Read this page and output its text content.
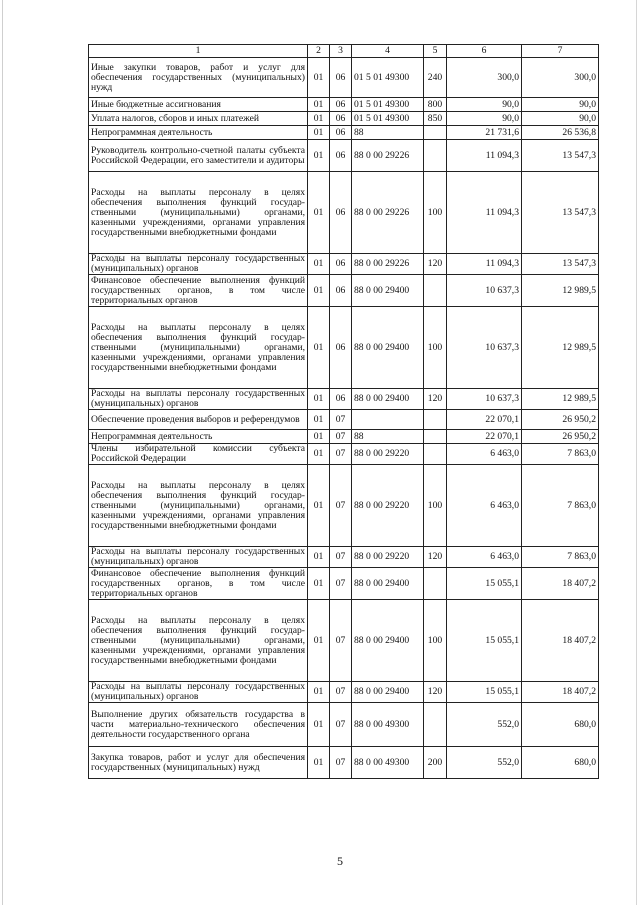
1	2	3	4	5	6	7
Иные закупки товаров, работ и услуг для обеспечения государственных (муниципальных) нужд	01	06	01 5 01 49300	240	300,0	300,0
Иные бюджетные ассигнования	01	06	01 5 01 49300	800	90,0	90,0
Уплата налогов, сборов и иных платежей	01	06	01 5 01 49300	850	90,0	90,0
Непрограммная деятельность	01	06	88		21 731,6	26 536,8
Руководитель контрольно-счетной палаты субъекта Российской Федерации, его заместители и аудиторы	01	06	88 0 00 29226		11 094,3	13 547,3
Расходы на выплаты персоналу в целях обеспечения выполнения функций государственными (муниципальными) органами, казенными учреждениями, органами управления государственными внебюджетными фондами	01	06	88 0 00 29226	100	11 094,3	13 547,3
Расходы на выплаты персоналу государственных (муниципальных) органов	01	06	88 0 00 29226	120	11 094,3	13 547,3
Финансовое обеспечение выполнения функций государственных органов, в том числе территориальных органов	01	06	88 0 00 29400		10 637,3	12 989,5
Расходы на выплаты персоналу в целях обеспечения выполнения функций государственными (муниципальными) органами, казенными учреждениями, органами управления государственными внебюджетными фондами	01	06	88 0 00 29400	100	10 637,3	12 989,5
Расходы на выплаты персоналу государственных (муниципальных) органов	01	06	88 0 00 29400	120	10 637,3	12 989,5
Обеспечение проведения выборов и референдумов	01	07			22 070,1	26 950,2
Непрограммная деятельность	01	07	88		22 070,1	26 950,2
Члены избирательной комиссии субъекта Российской Федерации	01	07	88 0 00 29220		6 463,0	7 863,0
Расходы на выплаты персоналу в целях обеспечения выполнения функций государственными (муниципальными) органами, казенными учреждениями, органами управления государственными внебюджетными фондами	01	07	88 0 00 29220	100	6 463,0	7 863,0
Расходы на выплаты персоналу государственных (муниципальных) органов	01	07	88 0 00 29220	120	6 463,0	7 863,0
Финансовое обеспечение выполнения функций государственных органов, в том числе территориальных органов	01	07	88 0 00 29400		15 055,1	18 407,2
Расходы на выплаты персоналу в целях обеспечения выполнения функций государственными (муниципальными) органами, казенными учреждениями, органами управления государственными внебюджетными фондами	01	07	88 0 00 29400	100	15 055,1	18 407,2
Расходы на выплаты персоналу государственных (муниципальных) органов	01	07	88 0 00 29400	120	15 055,1	18 407,2
Выполнение других обязательств государства в части материально-технического обеспечения деятельности государственного органа	01	07	88 0 00 49300		552,0	680,0
Закупка товаров, работ и услуг для обеспечения государственных (муниципальных) нужд	01	07	88 0 00 49300	200	552,0	680,0
5
